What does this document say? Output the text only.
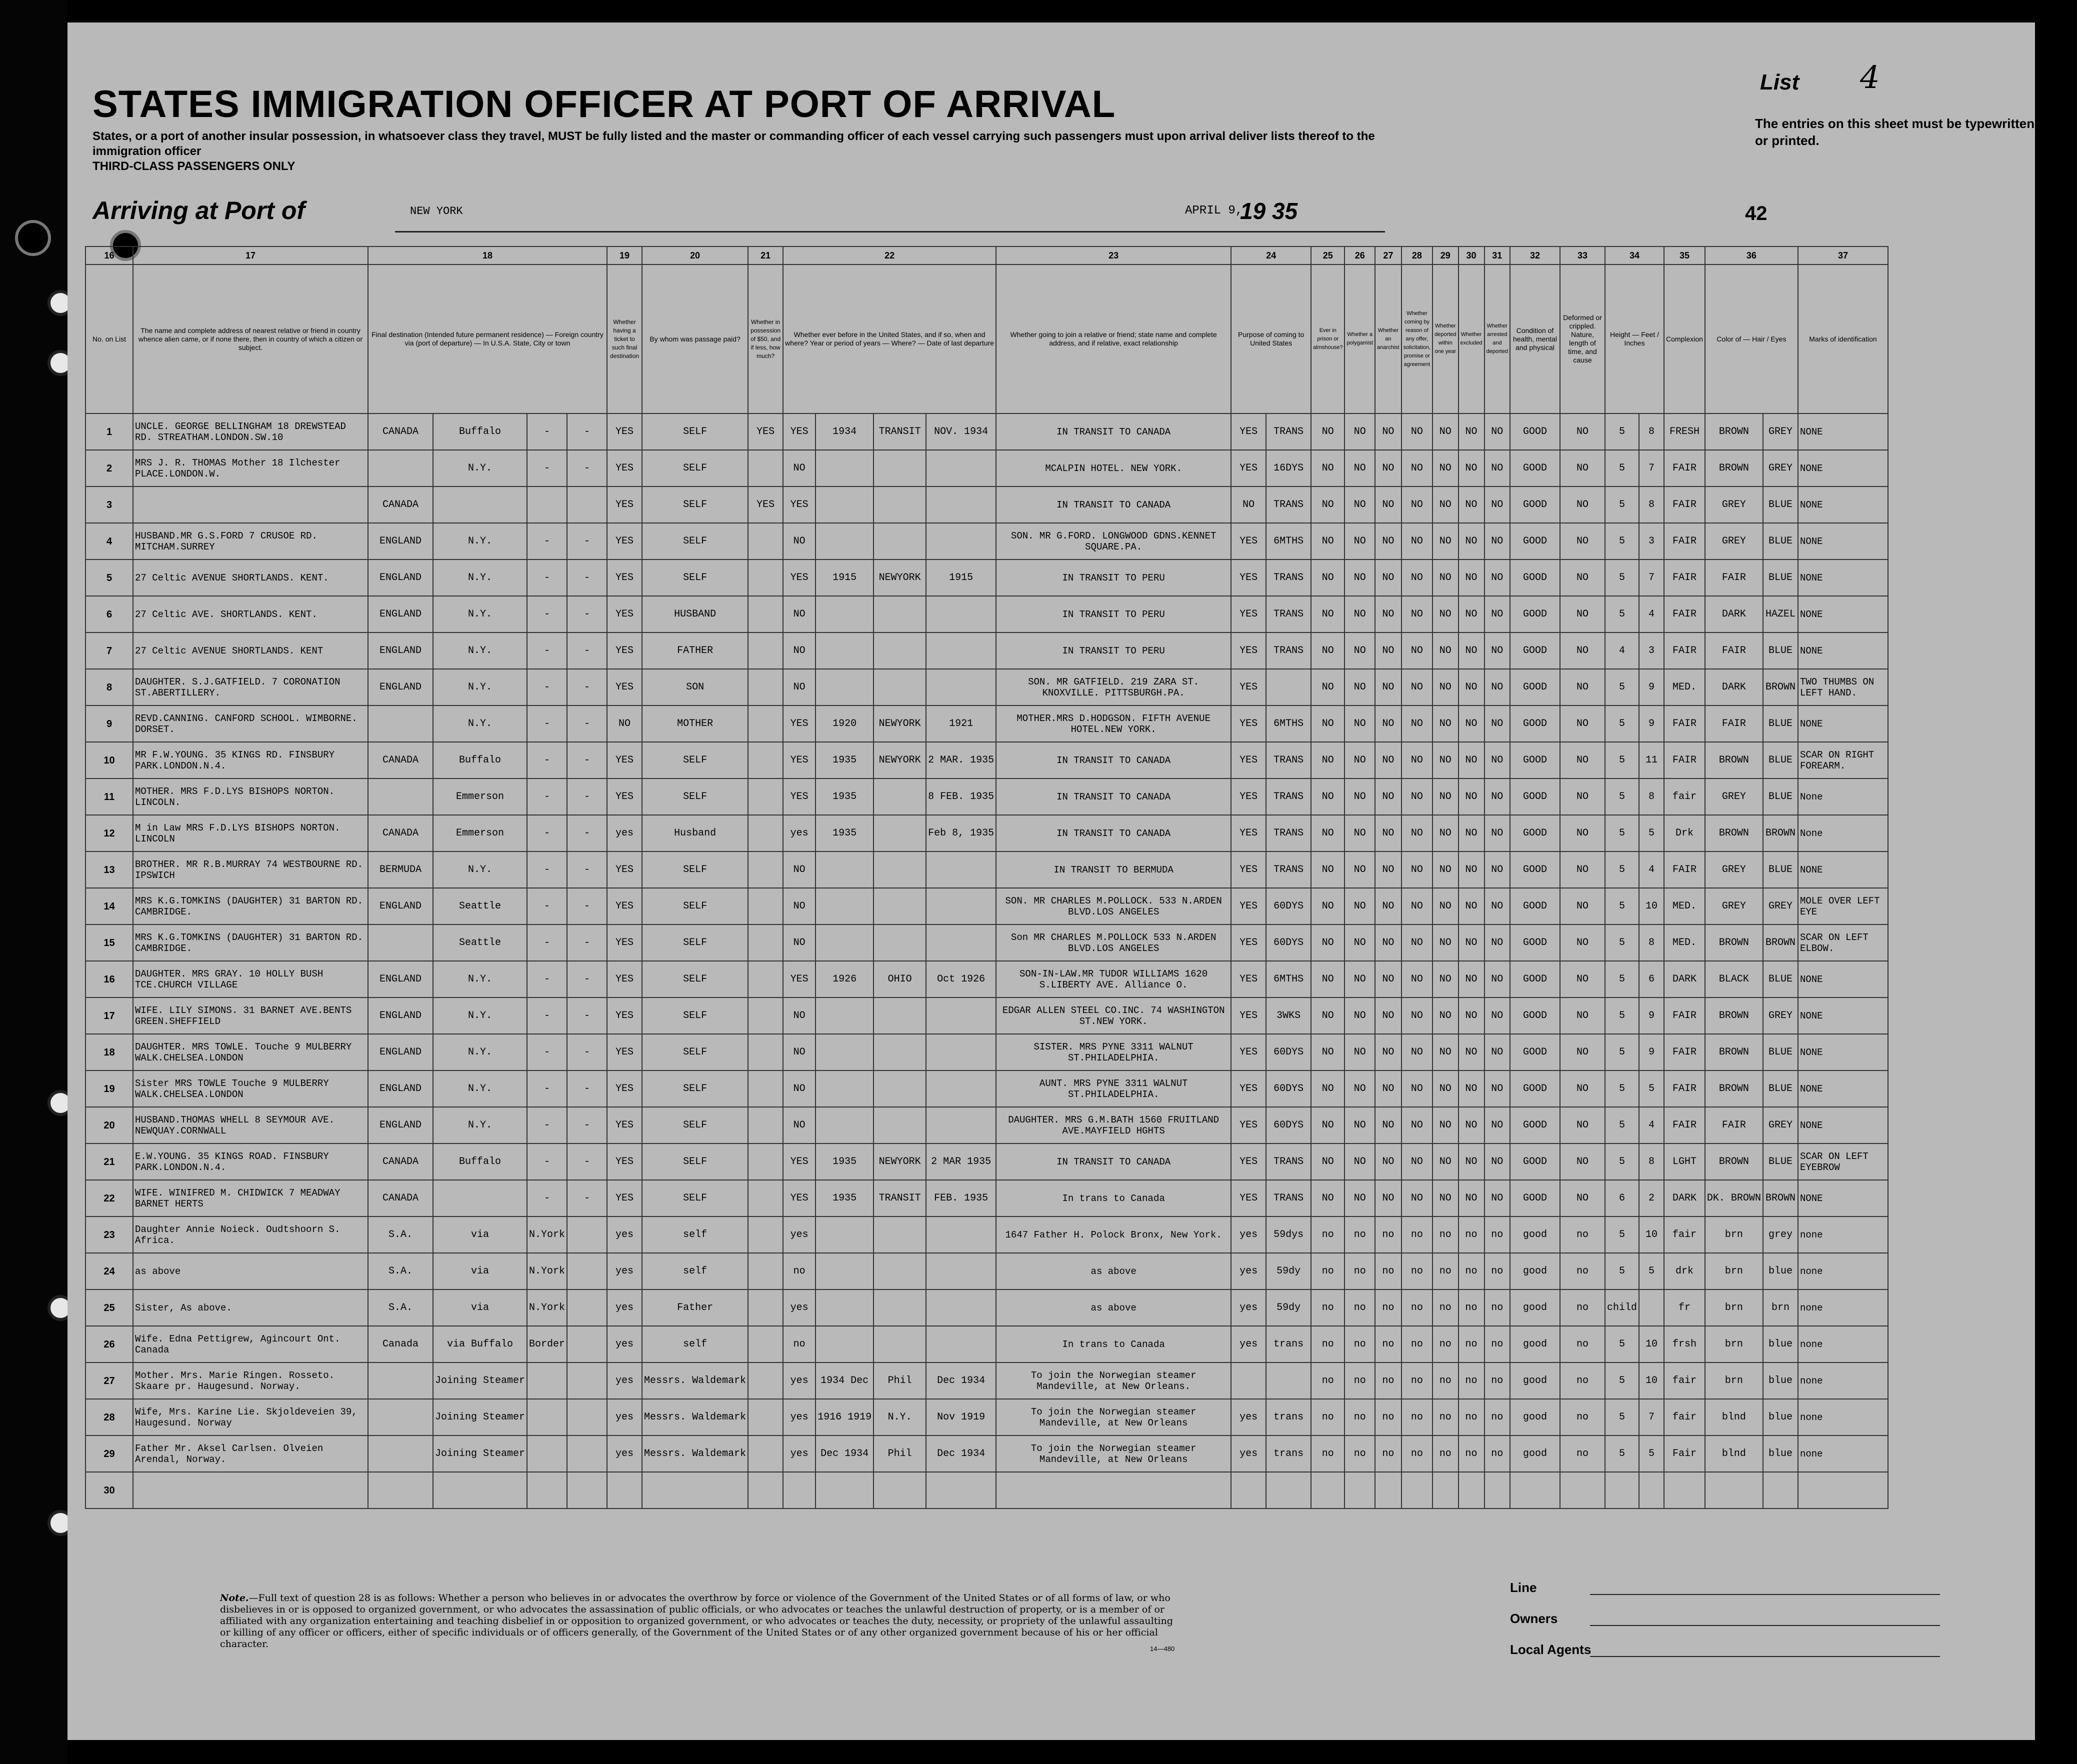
STATES IMMIGRATION OFFICER AT PORT OF ARRIVAL
States, or a port of another insular possession, in whatsoever class they travel, MUST be fully listed and the master or commanding officer of each vessel carrying such passengers must upon arrival deliver lists thereof to the immigration officer
THIRD-CLASS PASSENGERS ONLY
List 4
The entries on this sheet must be typewritten or printed.
Arriving at Port of	NEW YORK	APRIL 9,
19 35	42
16	17	18				19	20	21	22				23	24		25	26	27	28	29	30	31	32	33	34		35	36		37
No. on List	The name and complete address of nearest relative or friend in country whence alien came, or if none there, then in country of which a citizen or subject.	Final destination (Intended future permanent residence) — Foreign country via (port of departure) — In U.S.A. State, City or town				Whether having a ticket to such final destination	By whom was passage paid?	Whether in possession of $50, and if less, how much?	Whether ever before in the United States, and if so, when and where? Year or period of years — Where? — Date of last departure				Whether going to join a relative or friend; state name and complete address, and if relative, exact relationship	Purpose of coming to United States		Ever in prison or almshouse?	Whether a polygamist	Whether an anarchist	Whether coming by reason of any offer, solicitation, promise or agreement	Whether deported within one year	Whether excluded	Whether arrested and deported	Condition of health, mental and physical	Deformed or crippled. Nature, length of time, and cause	Height — Feet / Inches		Complexion	Color of — Hair / Eyes		Marks of identification
1	UNCLE. GEORGE BELLINGHAM 18 DREWSTEAD RD. STREATHAM.LONDON.SW.10	CANADA	Buffalo	-	-	YES	SELF	YES	YES	1934	TRANSIT	NOV. 1934	IN TRANSIT TO CANADA	YES	TRANS	NO	NO	NO	NO	NO	NO	NO	GOOD	NO	5	8	FRESH	BROWN	GREY	NONE
2	MRS J. R. THOMAS Mother 18 Ilchester PLACE.LONDON.W.		N.Y.	-	-	YES	SELF		NO				MCALPIN HOTEL. NEW YORK.	YES	16DYS	NO	NO	NO	NO	NO	NO	NO	GOOD	NO	5	7	FAIR	BROWN	GREY	NONE
3		CANADA				YES	SELF	YES	YES				IN TRANSIT TO CANADA	NO	TRANS	NO	NO	NO	NO	NO	NO	NO	GOOD	NO	5	8	FAIR	GREY	BLUE	NONE
4	HUSBAND.MR G.S.FORD 7 CRUSOE RD. MITCHAM.SURREY	ENGLAND	N.Y.	-	-	YES	SELF		NO				SON. MR G.FORD. LONGWOOD GDNS.KENNET SQUARE.PA.	YES	6MTHS	NO	NO	NO	NO	NO	NO	NO	GOOD	NO	5	3	FAIR	GREY	BLUE	NONE
5	27 Celtic AVENUE SHORTLANDS. KENT.	ENGLAND	N.Y.	-	-	YES	SELF		YES	1915	NEWYORK	1915	IN TRANSIT TO PERU	YES	TRANS	NO	NO	NO	NO	NO	NO	NO	GOOD	NO	5	7	FAIR	FAIR	BLUE	NONE
6	27 Celtic AVE. SHORTLANDS. KENT.	ENGLAND	N.Y.	-	-	YES	HUSBAND		NO				IN TRANSIT TO PERU	YES	TRANS	NO	NO	NO	NO	NO	NO	NO	GOOD	NO	5	4	FAIR	DARK	HAZEL	NONE
7	27 Celtic AVENUE SHORTLANDS. KENT	ENGLAND	N.Y.	-	-	YES	FATHER		NO				IN TRANSIT TO PERU	YES	TRANS	NO	NO	NO	NO	NO	NO	NO	GOOD	NO	4	3	FAIR	FAIR	BLUE	NONE
8	DAUGHTER. S.J.GATFIELD. 7 CORONATION ST.ABERTILLERY.	ENGLAND	N.Y.	-	-	YES	SON		NO				SON. MR GATFIELD. 219 ZARA ST. KNOXVILLE. PITTSBURGH.PA.	YES		NO	NO	NO	NO	NO	NO	NO	GOOD	NO	5	9	MED.	DARK	BROWN	TWO THUMBS ON LEFT HAND.
9	REVD.CANNING. CANFORD SCHOOL. WIMBORNE. DORSET.		N.Y.	-	-	NO	MOTHER		YES	1920	NEWYORK	1921	MOTHER.MRS D.HODGSON. FIFTH AVENUE HOTEL.NEW YORK.	YES	6MTHS	NO	NO	NO	NO	NO	NO	NO	GOOD	NO	5	9	FAIR	FAIR	BLUE	NONE
10	MR F.W.YOUNG. 35 KINGS RD. FINSBURY PARK.LONDON.N.4.	CANADA	Buffalo	-	-	YES	SELF		YES	1935	NEWYORK	2 MAR. 1935	IN TRANSIT TO CANADA	YES	TRANS	NO	NO	NO	NO	NO	NO	NO	GOOD	NO	5	11	FAIR	BROWN	BLUE	SCAR ON RIGHT FOREARM.
11	MOTHER. MRS F.D.LYS BISHOPS NORTON. LINCOLN.		Emmerson	-	-	YES	SELF		YES	1935		8 FEB. 1935	IN TRANSIT TO CANADA	YES	TRANS	NO	NO	NO	NO	NO	NO	NO	GOOD	NO	5	8	fair	GREY	BLUE	None
12	M in Law MRS F.D.LYS BISHOPS NORTON. LINCOLN	CANADA	Emmerson	-	-	yes	Husband		yes	1935		Feb 8, 1935	IN TRANSIT TO CANADA	YES	TRANS	NO	NO	NO	NO	NO	NO	NO	GOOD	NO	5	5	Drk	BROWN	BROWN	None
13	BROTHER. MR R.B.MURRAY 74 WESTBOURNE RD. IPSWICH	BERMUDA	N.Y.	-	-	YES	SELF		NO				IN TRANSIT TO BERMUDA	YES	TRANS	NO	NO	NO	NO	NO	NO	NO	GOOD	NO	5	4	FAIR	GREY	BLUE	NONE
14	MRS K.G.TOMKINS (DAUGHTER) 31 BARTON RD. CAMBRIDGE.	ENGLAND	Seattle	-	-	YES	SELF		NO				SON. MR CHARLES M.POLLOCK. 533 N.ARDEN BLVD.LOS ANGELES	YES	60DYS	NO	NO	NO	NO	NO	NO	NO	GOOD	NO	5	10	MED.	GREY	GREY	MOLE OVER LEFT EYE
15	MRS K.G.TOMKINS (DAUGHTER) 31 BARTON RD. CAMBRIDGE.		Seattle	-	-	YES	SELF		NO				Son MR CHARLES M.POLLOCK 533 N.ARDEN BLVD.LOS ANGELES	YES	60DYS	NO	NO	NO	NO	NO	NO	NO	GOOD	NO	5	8	MED.	BROWN	BROWN	SCAR ON LEFT ELBOW.
16	DAUGHTER. MRS GRAY. 10 HOLLY BUSH TCE.CHURCH VILLAGE	ENGLAND	N.Y.	-	-	YES	SELF		YES	1926	OHIO	Oct 1926	SON-IN-LAW.MR TUDOR WILLIAMS 1620 S.LIBERTY AVE. Alliance O.	YES	6MTHS	NO	NO	NO	NO	NO	NO	NO	GOOD	NO	5	6	DARK	BLACK	BLUE	NONE
17	WIFE. LILY SIMONS. 31 BARNET AVE.BENTS GREEN.SHEFFIELD	ENGLAND	N.Y.	-	-	YES	SELF		NO				EDGAR ALLEN STEEL CO.INC. 74 WASHINGTON ST.NEW YORK.	YES	3WKS	NO	NO	NO	NO	NO	NO	NO	GOOD	NO	5	9	FAIR	BROWN	GREY	NONE
18	DAUGHTER. MRS TOWLE. Touche 9 MULBERRY WALK.CHELSEA.LONDON	ENGLAND	N.Y.	-	-	YES	SELF		NO				SISTER. MRS PYNE 3311 WALNUT ST.PHILADELPHIA.	YES	60DYS	NO	NO	NO	NO	NO	NO	NO	GOOD	NO	5	9	FAIR	BROWN	BLUE	NONE
19	Sister MRS TOWLE Touche 9 MULBERRY WALK.CHELSEA.LONDON	ENGLAND	N.Y.	-	-	YES	SELF		NO				AUNT. MRS PYNE 3311 WALNUT ST.PHILADELPHIA.	YES	60DYS	NO	NO	NO	NO	NO	NO	NO	GOOD	NO	5	5	FAIR	BROWN	BLUE	NONE
20	HUSBAND.THOMAS WHELL 8 SEYMOUR AVE. NEWQUAY.CORNWALL	ENGLAND	N.Y.	-	-	YES	SELF		NO				DAUGHTER. MRS G.M.BATH 1560 FRUITLAND AVE.MAYFIELD HGHTS	YES	60DYS	NO	NO	NO	NO	NO	NO	NO	GOOD	NO	5	4	FAIR	FAIR	GREY	NONE
21	E.W.YOUNG. 35 KINGS ROAD. FINSBURY PARK.LONDON.N.4.	CANADA	Buffalo	-	-	YES	SELF		YES	1935	NEWYORK	2 MAR 1935	IN TRANSIT TO CANADA	YES	TRANS	NO	NO	NO	NO	NO	NO	NO	GOOD	NO	5	8	LGHT	BROWN	BLUE	SCAR ON LEFT EYEBROW
22	WIFE. WINIFRED M. CHIDWICK 7 MEADWAY BARNET HERTS	CANADA		-	-	YES	SELF		YES	1935	TRANSIT	FEB. 1935	In trans to Canada	YES	TRANS	NO	NO	NO	NO	NO	NO	NO	GOOD	NO	6	2	DARK	DK. BROWN	BROWN	NONE
23	Daughter Annie Noieck. Oudtshoorn S. Africa.	S.A.	via	N.York		yes	self		yes				1647 Father H. Polock Bronx, New York.	yes	59dys	no	no	no	no	no	no	no	good	no	5	10	fair	brn	grey	none
24	as above	S.A.	via	N.York		yes	self		no				as above	yes	59dy	no	no	no	no	no	no	no	good	no	5	5	drk	brn	blue	none
25	Sister, As above.	S.A.	via	N.York		yes	Father		yes				as above	yes	59dy	no	no	no	no	no	no	no	good	no	child		fr	brn	brn	none
26	Wife. Edna Pettigrew, Agincourt Ont. Canada	Canada	via Buffalo	Border		yes	self		no				In trans to Canada	yes	trans	no	no	no	no	no	no	no	good	no	5	10	frsh	brn	blue	none
27	Mother. Mrs. Marie Ringen. Rosseto. Skaare pr. Haugesund. Norway.		Joining Steamer			yes	Messrs. Waldemark		yes	1934 Dec	Phil	Dec 1934	To join the Norwegian steamer Mandeville, at New Orleans.			no	no	no	no	no	no	no	good	no	5	10	fair	brn	blue	none
28	Wife, Mrs. Karine Lie. Skjoldeveien 39, Haugesund. Norway		Joining Steamer			yes	Messrs. Waldemark		yes	1916 1919	N.Y.	Nov 1919	To join the Norwegian steamer Mandeville, at New Orleans	yes	trans	no	no	no	no	no	no	no	good	no	5	7	fair	blnd	blue	none
29	Father Mr. Aksel Carlsen. Olveien Arendal, Norway.		Joining Steamer			yes	Messrs. Waldemark		yes	Dec 1934	Phil	Dec 1934	To join the Norwegian steamer Mandeville, at New Orleans	yes	trans	no	no	no	no	no	no	no	good	no	5	5	Fair	blnd	blue	none
30																														
Note.—Full text of question 28 is as follows: Whether a person who believes in or advocates the overthrow by force or violence of the Government of the United States or of all forms of law, or who disbelieves in or is opposed to organized government, or who advocates the assassination of public officials, or who advocates or teaches the unlawful destruction of property, or is a member of or affiliated with any organization entertaining and teaching disbelief in or opposition to organized government, or who advocates or teaches the duty, necessity, or propriety of the unlawful assaulting or killing of any officer or officers, either of specific individuals or of officers generally, of the Government of the United States or of any other organized government because of his or her official character.	14—480
Line
Owners
Local Agents
